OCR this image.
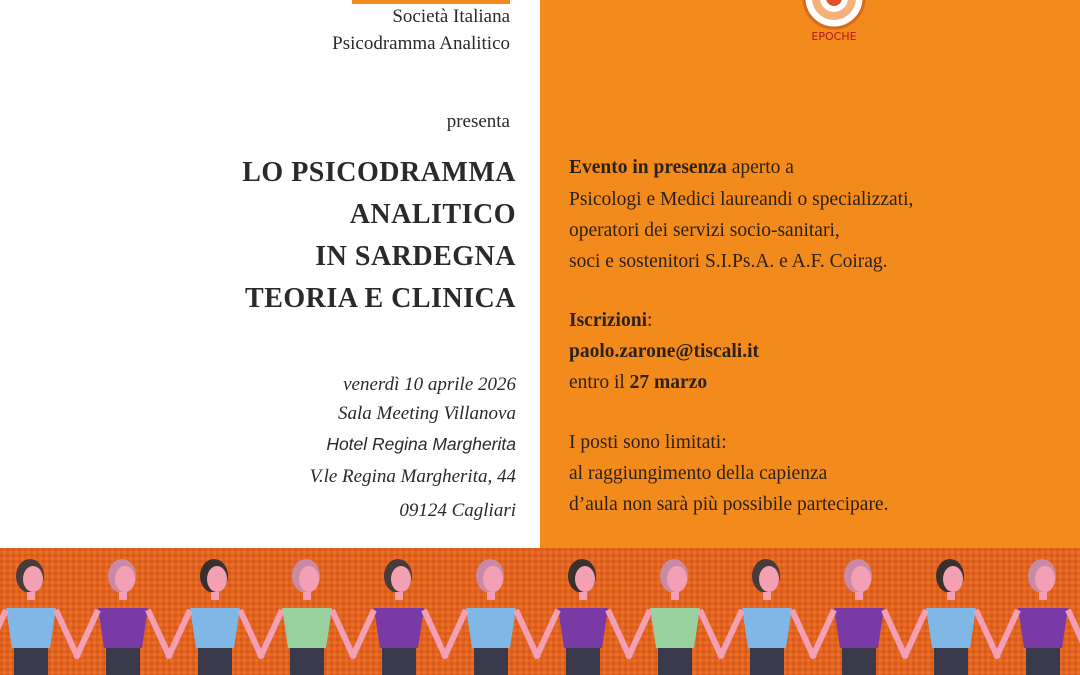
Società Italiana
Psicodramma Analitico
presenta
LO PSICODRAMMA
ANALITICO
IN SARDEGNA
TEORIA E CLINICA
venerdì 10 aprile 2026
Sala Meeting Villanova
Hotel Regina Margherita
V.le Regina Margherita, 44
09124 Cagliari
EPOCHE
Evento in presenza aperto a
Psicologi e Medici laureandi o specializzati,
operatori dei servizi socio-sanitari,
soci e sostenitori S.I.Ps.A. e A.F. Coirag.
Iscrizioni:
paolo.zarone@tiscali.it
entro il 27 marzo
I posti sono limitati:
al raggiungimento della capienza
d’aula non sarà più possibile partecipare.
